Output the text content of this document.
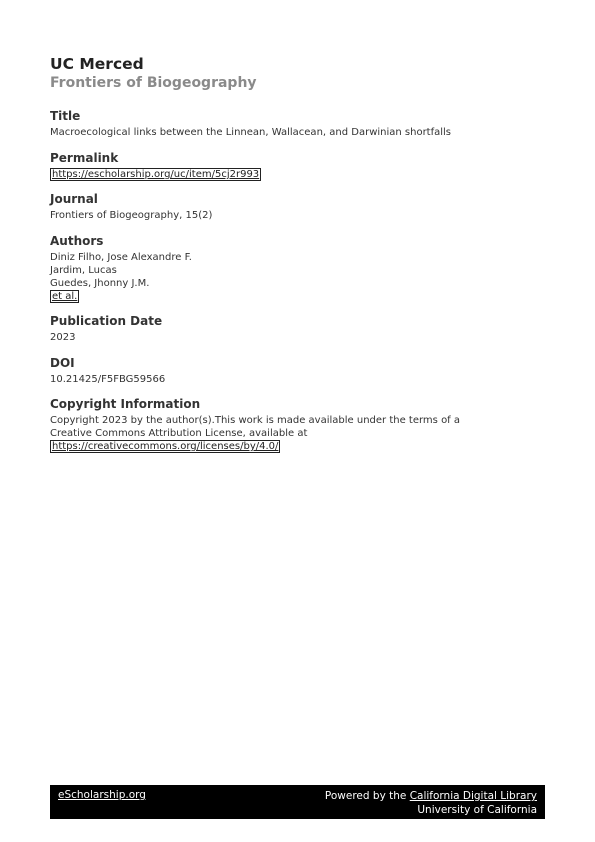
UC Merced
Frontiers of Biogeography
Title
Macroecological links between the Linnean, Wallacean, and Darwinian shortfalls
Permalink
https://escholarship.org/uc/item/5cj2r993
Journal
Frontiers of Biogeography, 15(2)
Authors
Diniz Filho, Jose Alexandre F.
Jardim, Lucas
Guedes, Jhonny J.M.
et al.
Publication Date
2023
DOI
10.21425/F5FBG59566
Copyright Information
Copyright 2023 by the author(s).This work is made available under the terms of a
Creative Commons Attribution License, available at
https://creativecommons.org/licenses/by/4.0/
eScholarship.org	Powered by the California Digital Library
University of California
